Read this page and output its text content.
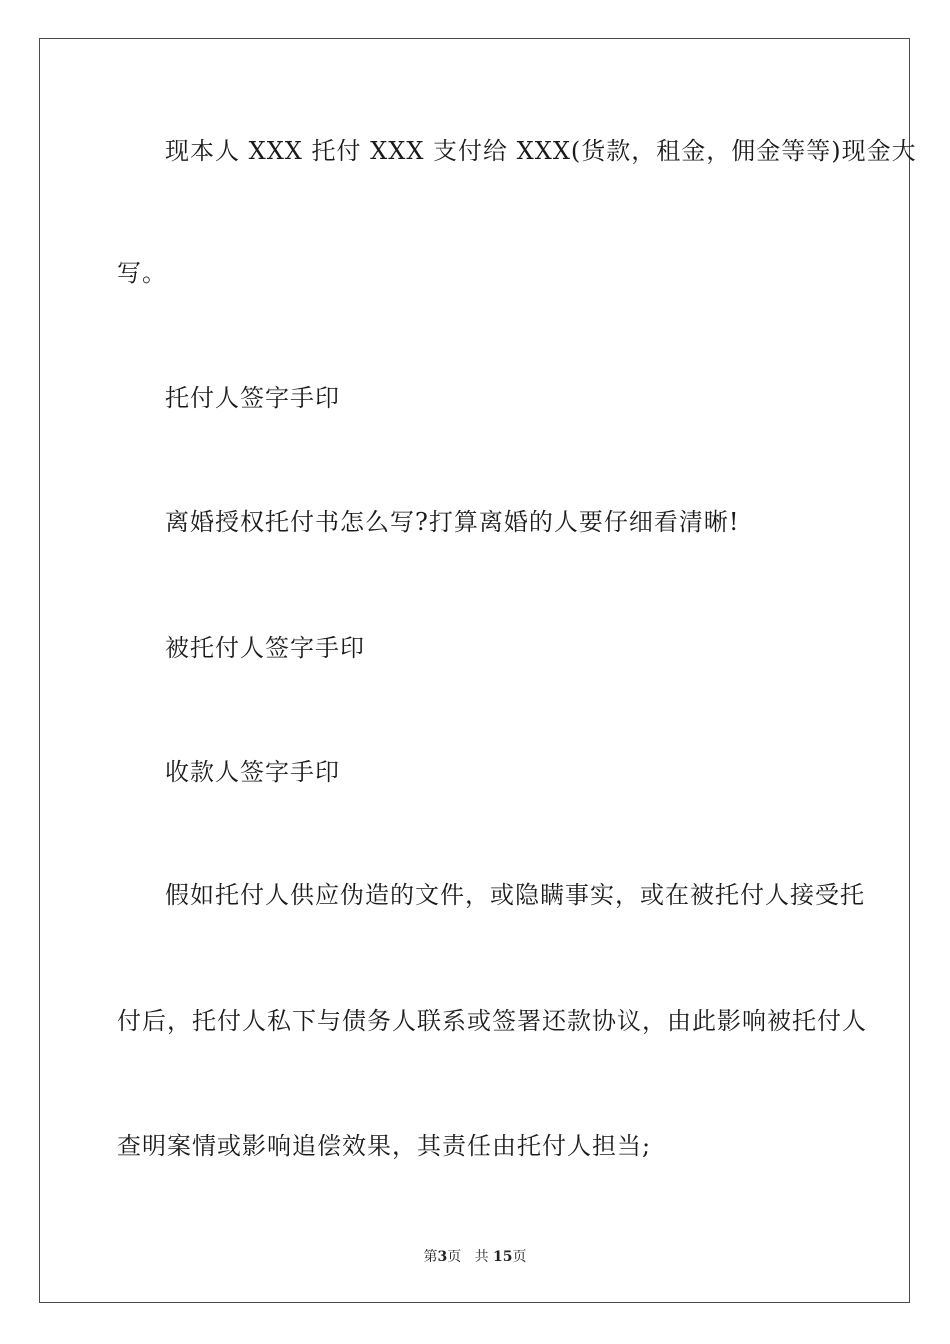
现本人 XXX 托付 XXX 支付给 XXX(货款，租金，佣金等等)现金大
写。
托付人签字手印
离婚授权托付书怎么写?打算离婚的人要仔细看清晰!
被托付人签字手印
收款人签字手印
假如托付人供应伪造的文件，或隐瞒事实，或在被托付人接受托
付后，托付人私下与债务人联系或签署还款协议，由此影响被托付人
查明案情或影响追偿效果，其责任由托付人担当;
第3页 共 15页
